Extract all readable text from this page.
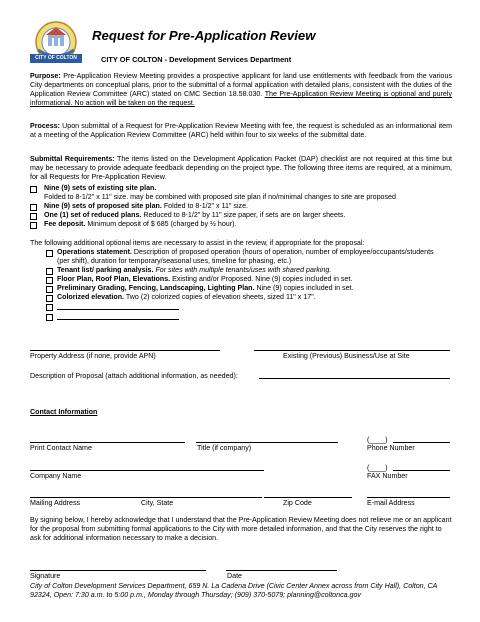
CITY OF COLTON
Request for Pre-Application Review
CITY OF COLTON - Development Services Department
Purpose: Pre-Application Review Meeting provides a prospective applicant for land use entitlements with feedback from the various City departments on conceptual plans, prior to the submittal of a formal application with detailed plans, consistent with the duties of the Application Review Committee (ARC) stated on CMC Section 18.58.030. The Pre-Application Review Meeting is optional and purely informational. No action will be taken on the request.
Process: Upon submittal of a Request for Pre-Application Review Meeting with fee, the request is scheduled as an informational item at a meeting of the Application Review Committee (ARC) held within four to six weeks of the submittal date.
Submittal Requirements: The items listed on the Development Application Packet (DAP) checklist are not required at this time but may be necessary to provide adequate feedback depending on the project type. The following three items are required, at a minimum, for all Requests for Pre-Application Review.
Nine (9) sets of existing site plan. Folded to 8-1/2" x 11" size. may be combined with proposed site plan if no/minimal changes to site are proposed
Nine (9) sets of proposed site plan. Folded to 8-1/2" x 11" size.
One (1) set of reduced plans. Reduced to 8-1/2" by 11" size paper, if sets are on larger sheets.
Fee deposit. Minimum deposit of $ 685 (charged by ½ hour).
The following additional optional items are necessary to assist in the review, if appropriate for the proposal:
Operations statement. Description of proposed operation (hours of operation, number of employee/occupants/students (per shift), duration for temporary/seasonal uses, timeline for phasing, etc.)
Tenant list/ parking analysis. For sites with multiple tenants/uses with shared parking.
Floor Plan, Roof Plan, Elevations. Existing and/or Proposed. Nine (9) copies included in set.
Preliminary Grading, Fencing, Landscaping, Lighting Plan. Nine (9) copies included in set.
Colorized elevation. Two (2) colorized copies of elevation sheets, sized 11" x 17".
Property Address (if none, provide APN)	Existing (Previous) Business/Use at Site
Description of Proposal (attach additional information, as needed):
Contact Information
(____)
Print Contact Name	Title (if company)	Phone Number
(____)
Company Name	FAX Number
Mailing Address	City, State	Zip Code	E-mail Address
By signing below, I hereby acknowledge that I understand that the Pre-Application Review Meeting does not relieve me or an applicant for the proposal from submitting formal applications to the City with more detailed information, and that the City reserves the right to ask for additional information necessary to make a decision.
Signature	Date
City of Colton Development Services Department, 659 N. La Cadena Drive (Civic Center Annex across from City Hall), Colton, CA 92324, Open: 7:30 a.m. to 5:00 p.m., Monday through Thursday; (909) 370-5079; planning@coltonca.gov
